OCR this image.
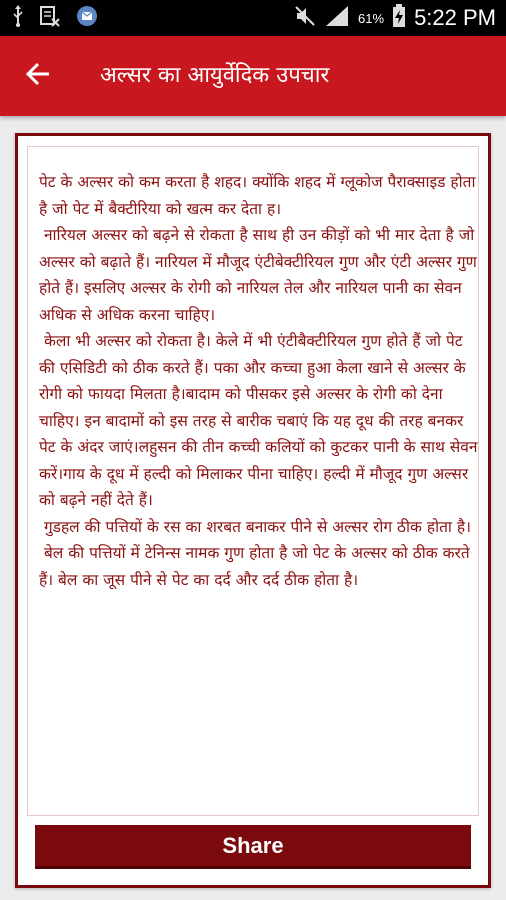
61% 5:22 PM
अल्सर का आयुर्वेदिक उपचार

पेट के अल्सर को कम करता है शहद। क्योंकि शहद में ग्लूकोज पैराक्साइड होता है जो पेट में बैक्टीरिया को खत्म कर देता ह।
नारियल अल्सर को बढ़ने से रोकता है साथ ही उन कीड़ों को भी मार देता है जो अल्सर को बढ़ाते हैं। नारियल में मौजूद एंटीबेक्टीरियल गुण और एंटी अल्सर गुण होते हैं। इसलिए अल्सर के रोगी को नारियल तेल और नारियल पानी का सेवन अधिक से अधिक करना चाहिए।
केला भी अल्सर को रोकता है। केले में भी एंटीबैक्टीरियल गुण होते हैं जो पेट की एसिडिटी को ठीक करते हैं। पका और कच्चा हुआ केला खाने से अल्सर के रोगी को फायदा मिलता है।बादाम को पीसकर इसे अल्सर के रोगी को देना चाहिए। इन बादामों को इस तरह से बारीक चबाएं कि यह दूध की तरह बनकर पेट के अंदर जाएं।लहुसन की तीन कच्ची कलियों को कुटकर पानी के साथ सेवन करें।गाय के दूध में हल्दी को मिलाकर पीना चाहिए। हल्दी में मौजूद गुण अल्सर को बढ़ने नहीं देते हैं।
गुडहल की पत्तियों के रस का शरबत बनाकर पीने से अल्सर रोग ठीक होता है।
बेल की पत्तियों में टेनिन्स नामक गुण होता है जो पेट के अल्सर को ठीक करते हैं। बेल का जूस पीने से पेट का दर्द और दर्द ठीक होता है।

Share
